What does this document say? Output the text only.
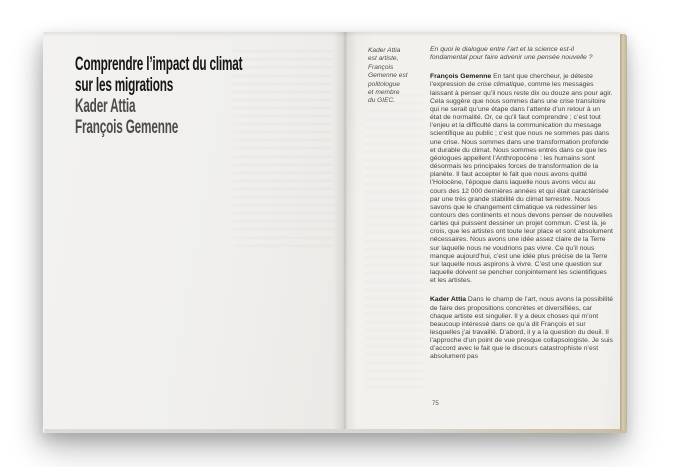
Comprendre l’impact du climat
sur les migrations
Kader Attia
François Gemenne
Kader Attia
est artiste,
François
Gemenne est
politologue
et membre
du GIEC.

En quoi le dialogue entre l’art et la science est-il fondamental pour faire advenir une pensée nouvelle ?

François Gemenne En tant que chercheur, je déteste l’expression de crise climatique, comme les messages laissant à penser qu’il nous reste dix ou douze ans pour agir. Cela suggère que nous sommes dans une crise transitoire qui ne serait qu’une étape dans l’attente d’un retour à un état de normalité. Or, ce qu’il faut comprendre ; c’est tout l’enjeu et la difficulté dans la communication du message scientifique au public ; c’est que nous ne sommes pas dans une crise. Nous sommes dans une transformation profonde et durable du climat. Nous sommes entrés dans ce que les géologues appellent l’Anthropocène : les humains sont désormais les principales forces de transformation de la planète. Il faut accepter le fait que nous avons quitté l’Holocène, l’époque dans laquelle nous avons vécu au cours des 12 000 dernières années et qui était caractérisée par une très grande stabilité du climat terrestre. Nous savons que le changement climatique va redessiner les contours des continents et nous devons penser de nouvelles cartes qui puissent dessiner un projet commun. C’est là, je crois, que les artistes ont toute leur place et sont absolument nécessaires. Nous avons une idée assez claire de la Terre sur laquelle nous ne voudrions pas vivre. Ce qu’il nous manque aujourd’hui, c’est une idée plus précise de la Terre sur laquelle nous aspirons à vivre. C’est une question sur laquelle doivent se pencher conjointement les scientifiques et les artistes.

Kader Attia Dans le champ de l’art, nous avons la possibilité de faire des propositions concrètes et diversifiées, car chaque artiste est singulier. Il y a deux choses qui m’ont beaucoup intéressé dans ce qu’a dit François et sur lesquelles j’ai travaillé. D’abord, il y a la question du deuil. Il l’approche d’un point de vue presque collapsologiste. Je suis d’accord avec le fait que le discours catastrophiste n’est absolument pas

75
